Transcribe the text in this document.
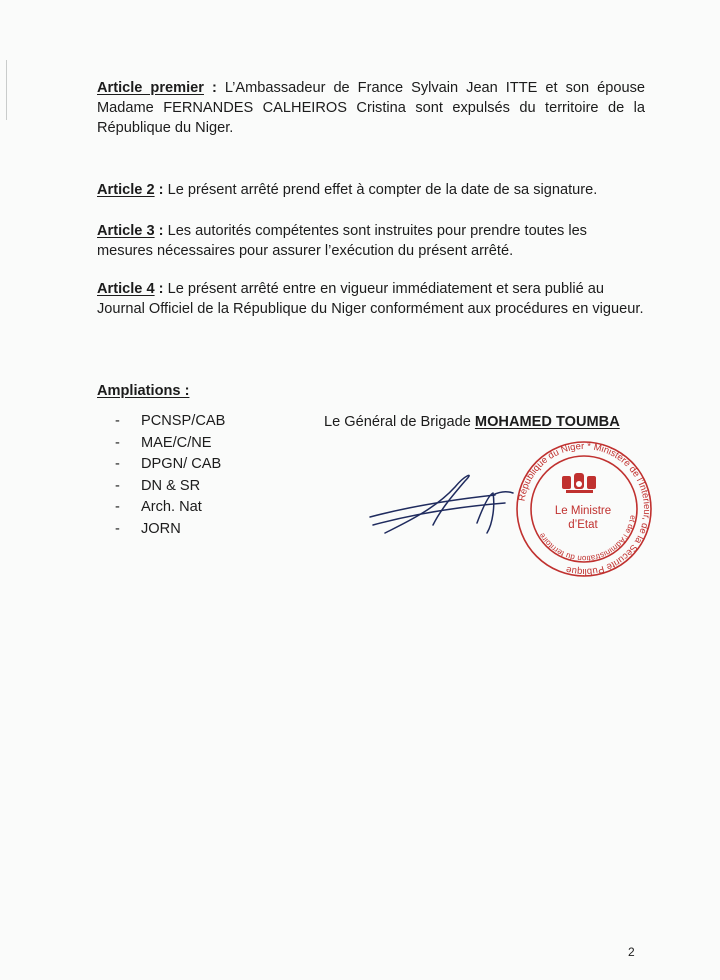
Article premier : L’Ambassadeur de France Sylvain Jean ITTE et son épouse Madame FERNANDES CALHEIROS Cristina sont expulsés du territoire de la République du Niger.

Article 2 : Le présent arrêté prend effet à compter de la date de sa signature.

Article 3 : Les autorités compétentes sont instruites pour prendre toutes les mesures nécessaires pour assurer l’exécution du présent arrêté.

Article 4 : Le présent arrêté entre en vigueur immédiatement et sera publié au Journal Officiel de la République du Niger conformément aux procédures en vigueur.

Ampliations :
-	PCNSP/CAB
-	MAE/C/NE
-	DPGN/ CAB
-	DN & SR
-	Arch. Nat
-	JORN
Le Général de Brigade MOHAMED TOUMBA
République du Niger * Ministère de l’Intérieur, de la Sécurité Publique
et de l’Administration du territoire
Le Ministre
d’Etat
2
